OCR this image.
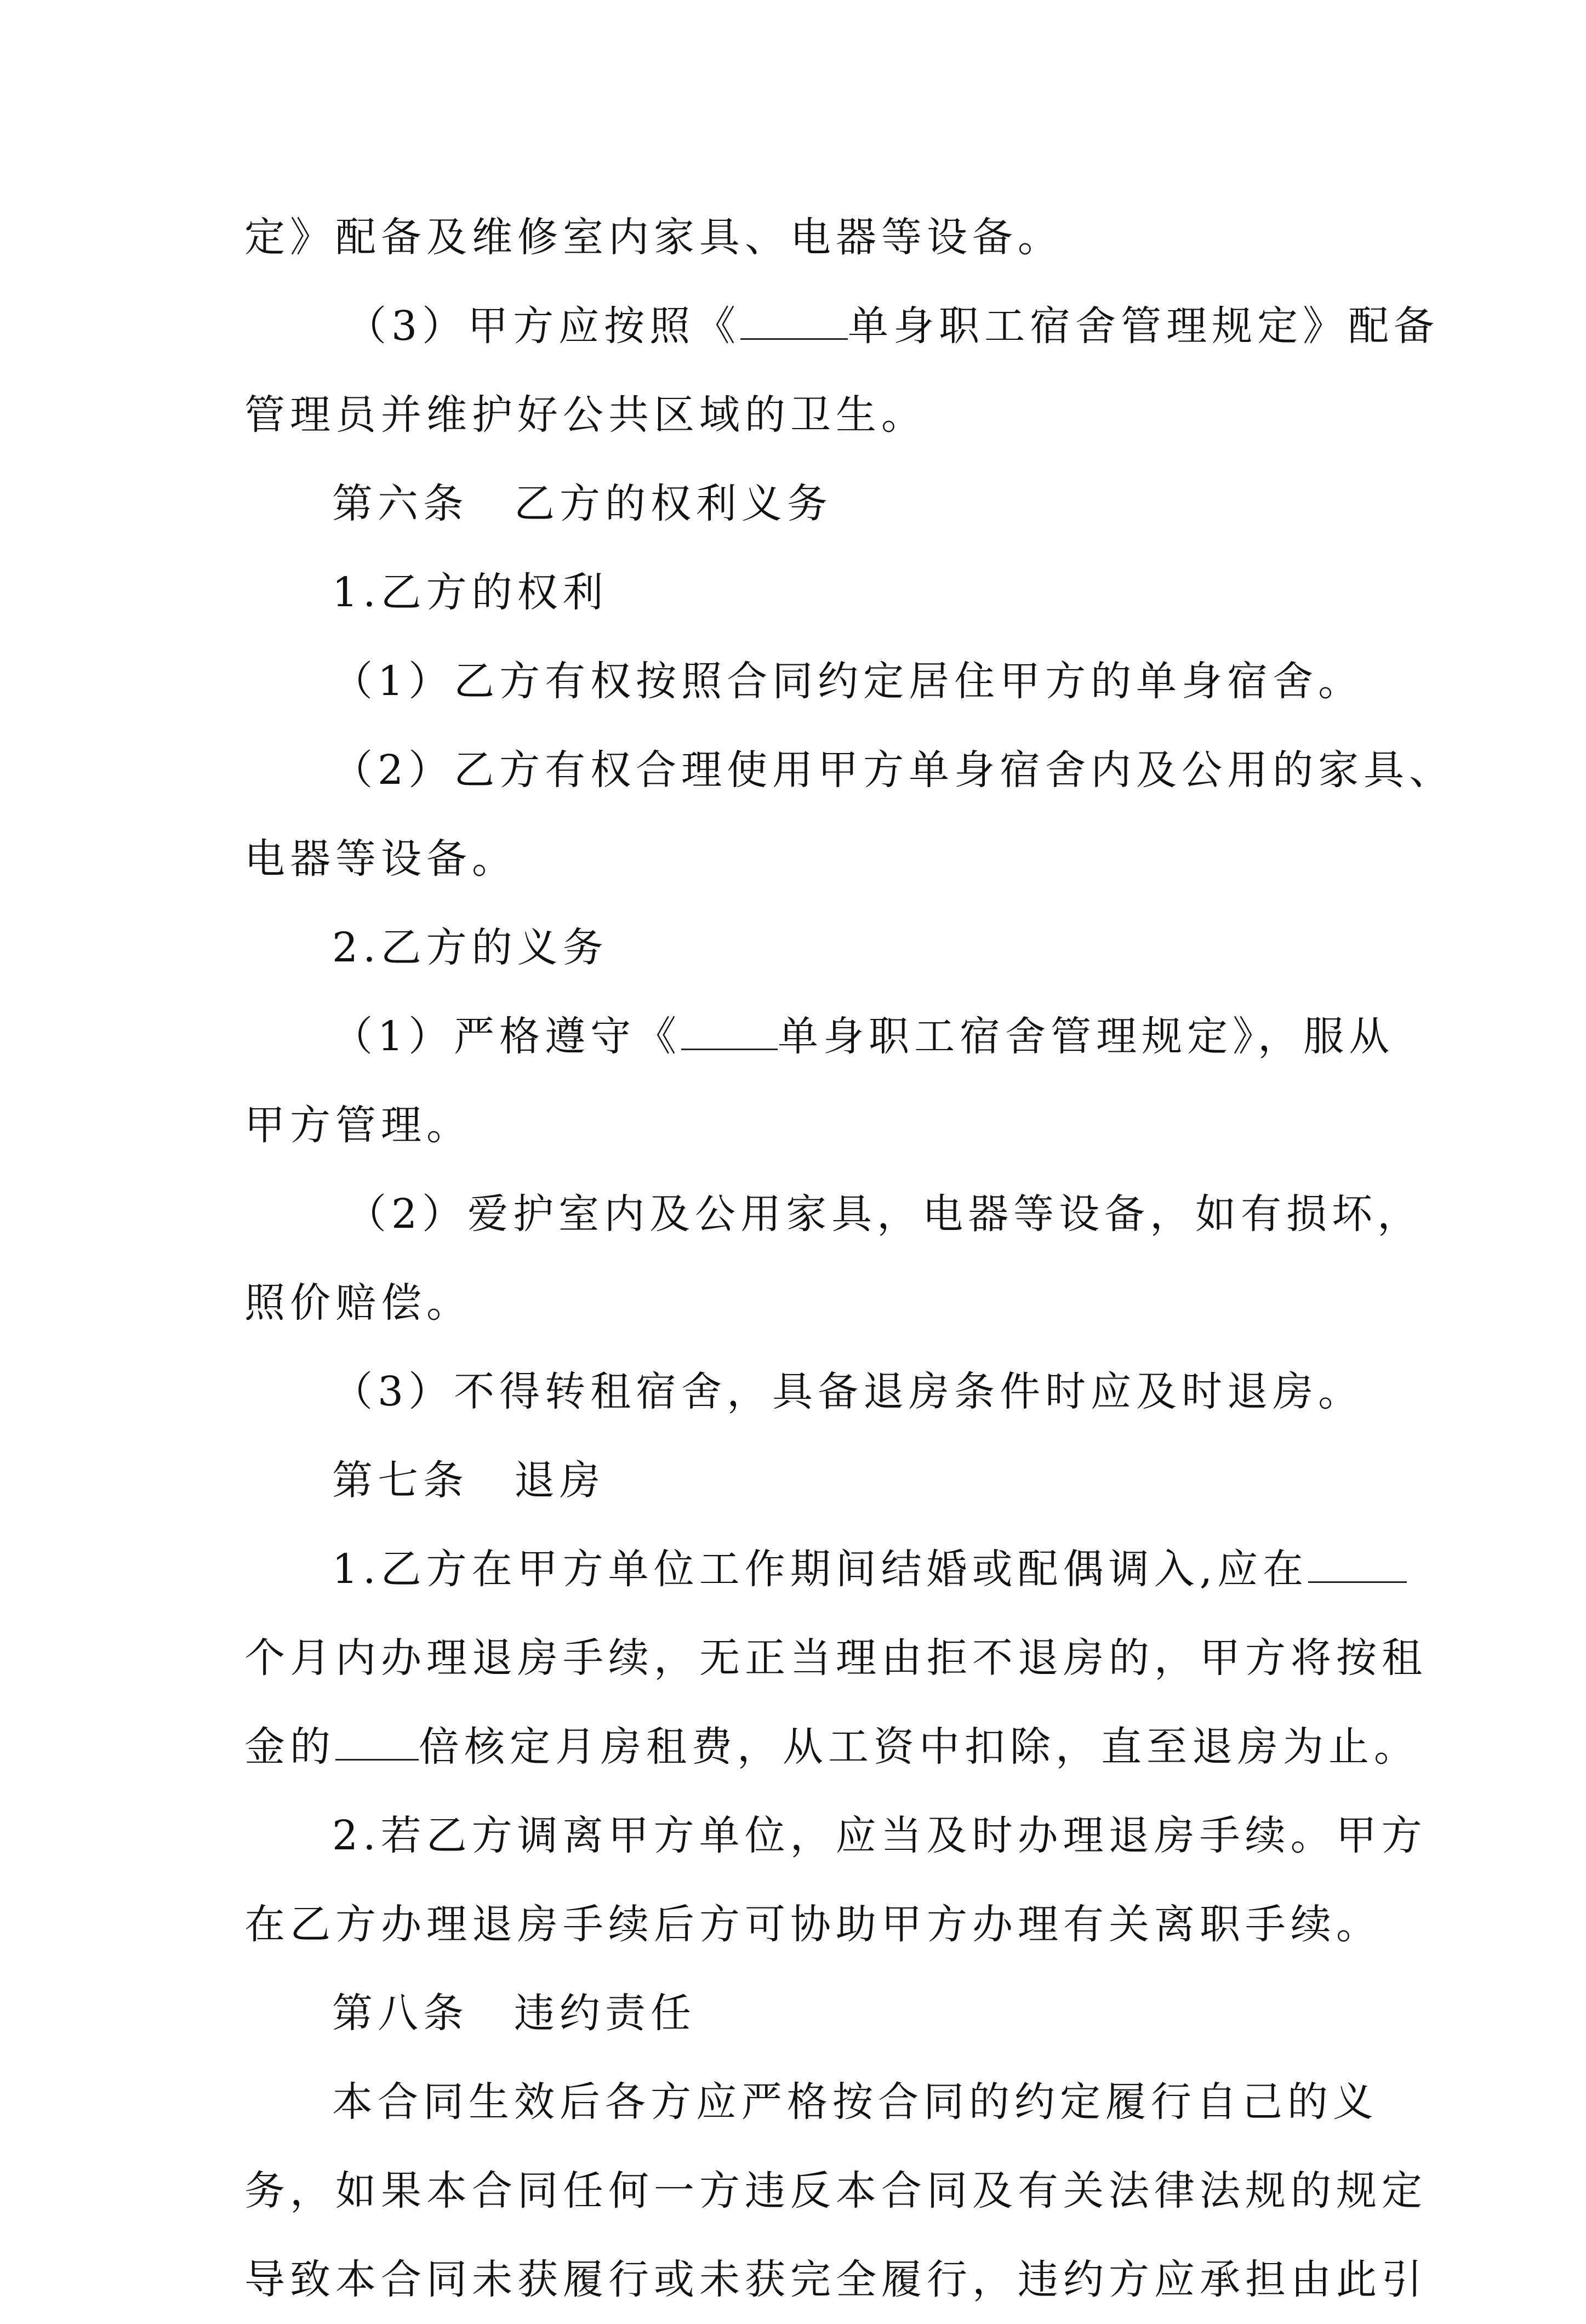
定》配备及维修室内家具、电器等设备。
（3）甲方应按照《	单身职工宿舍管理规定》配备
管理员并维护好公共区域的卫生。
第六条　乙方的权利义务
1.乙方的权利
（1）乙方有权按照合同约定居住甲方的单身宿舍。
（2）乙方有权合理使用甲方单身宿舍内及公用的家具、
电器等设备。
2.乙方的义务
（1）严格遵守《 单身职工宿舍管理规定》，服从
甲方管理。
（2）爱护室内及公用家具，电器等设备，如有损坏，
照价赔偿。
（3）不得转租宿舍，具备退房条件时应及时退房。
第七条　退房
1.乙方在甲方单位工作期间结婚或配偶调入,应在
个月内办理退房手续，无正当理由拒不退房的，甲方将按租
金的 倍核定月房租费，从工资中扣除，直至退房为止。
2.若乙方调离甲方单位，应当及时办理退房手续。甲方
在乙方办理退房手续后方可协助甲方办理有关离职手续。
第八条　违约责任
本合同生效后各方应严格按合同的约定履行自己的义
务，如果本合同任何一方违反本合同及有关法律法规的规定
导致本合同未获履行或未获完全履行，违约方应承担由此引
